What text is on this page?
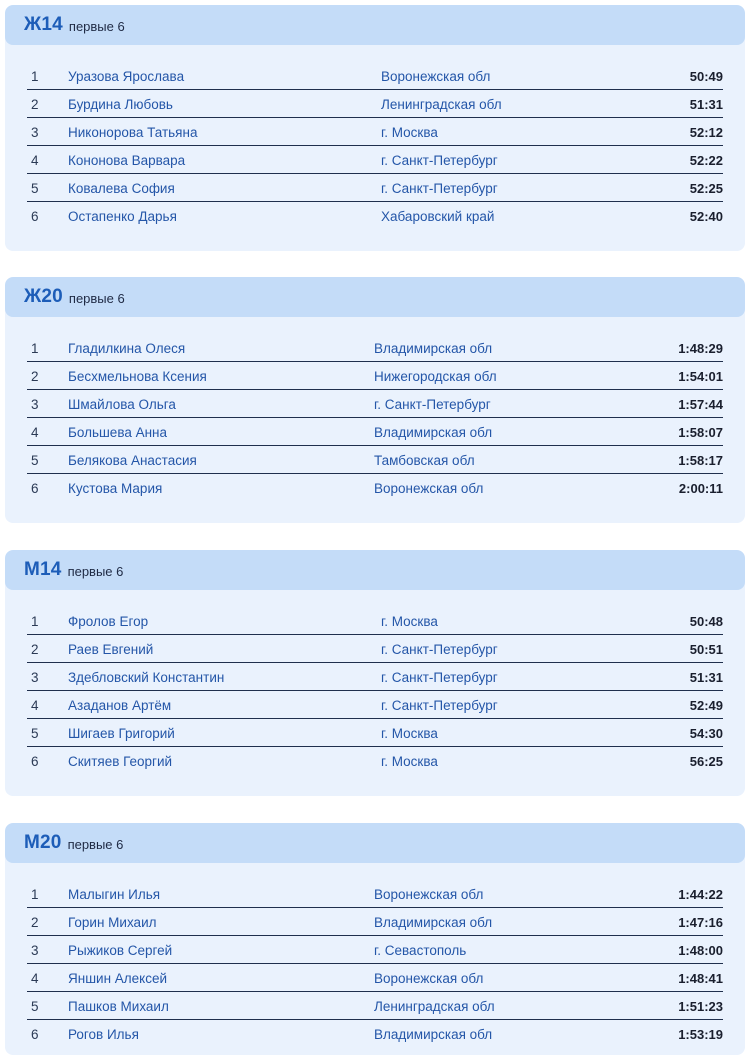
Ж14 первые 6
1 Уразова Ярослава	Воронежская обл	50:49
2 Бурдина Любовь	Ленинградская обл	51:31
3 Никонорова Татьяна	г. Москва	52:12
4 Кононова Варвара	г. Санкт-Петербург	52:22
5 Ковалева София	г. Санкт-Петербург	52:25
6 Остапенко Дарья	Хабаровский край	52:40
Ж20 первые 6
1 Гладилкина Олеся	Владимирская обл	1:48:29
2 Бесхмельнова Ксения	Нижегородская обл	1:54:01
3 Шмайлова Ольга	г. Санкт-Петербург	1:57:44
4 Большева Анна	Владимирская обл	1:58:07
5 Белякова Анастасия	Тамбовская обл	1:58:17
6 Кустова Мария	Воронежская обл	2:00:11
М14 первые 6
1 Фролов Егор	г. Москва	50:48
2 Раев Евгений	г. Санкт-Петербург	50:51
3 Здебловский Константин	г. Санкт-Петербург	51:31
4 Азаданов Артём	г. Санкт-Петербург	52:49
5 Шигаев Григорий	г. Москва	54:30
6 Скитяев Георгий	г. Москва	56:25
М20 первые 6
1 Малыгин Илья	Воронежская обл	1:44:22
2 Горин Михаил	Владимирская обл	1:47:16
3 Рыжиков Сергей	г. Севастополь	1:48:00
4 Яншин Алексей	Воронежская обл	1:48:41
5 Пашков Михаил	Ленинградская обл	1:51:23
6 Рогов Илья	Владимирская обл	1:53:19
